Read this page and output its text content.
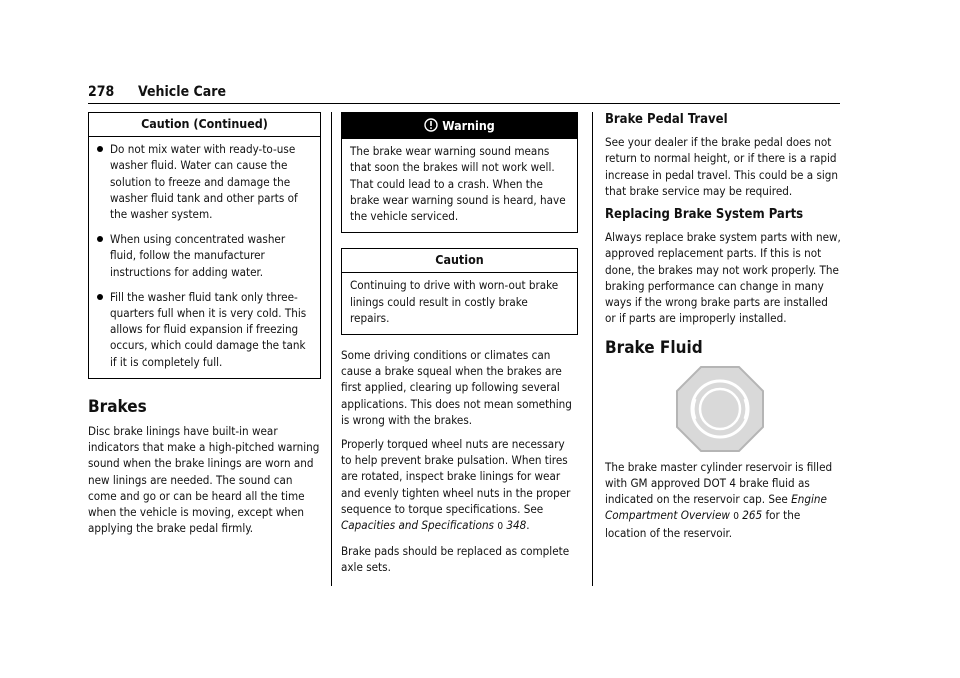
278 Vehicle Care
Caution (Continued)
Do not mix water with ready-to-use washer fluid. Water can cause the solution to freeze and damage the washer fluid tank and other parts of the washer system.
When using concentrated washer fluid, follow the manufacturer instructions for adding water.
Fill the washer fluid tank only three-quarters full when it is very cold. This allows for fluid expansion if freezing occurs, which could damage the tank if it is completely full.
Brakes

Disc brake linings have built-in wear indicators that make a high-pitched warning sound when the brake linings are worn and new linings are needed. The sound can come and go or can be heard all the time when the vehicle is moving, except when applying the brake pedal firmly.

Warning

The brake wear warning sound means that soon the brakes will not work well. That could lead to a crash. When the brake wear warning sound is heard, have the vehicle serviced.

Caution

Continuing to drive with worn-out brake linings could result in costly brake repairs.

Some driving conditions or climates can cause a brake squeal when the brakes are first applied, clearing up following several applications. This does not mean something is wrong with the brakes.

Properly torqued wheel nuts are necessary to help prevent brake pulsation. When tires are rotated, inspect brake linings for wear and evenly tighten wheel nuts in the proper sequence to torque specifications. See Capacities and Specifications 0 348.

Brake pads should be replaced as complete axle sets.

Brake Pedal Travel

See your dealer if the brake pedal does not return to normal height, or if there is a rapid increase in pedal travel. This could be a sign that brake service may be required.

Replacing Brake System Parts

Always replace brake system parts with new, approved replacement parts. If this is not done, the brakes may not work properly. The braking performance can change in many ways if the wrong brake parts are installed or if parts are improperly installed.

Brake Fluid

The brake master cylinder reservoir is filled with GM approved DOT 4 brake fluid as indicated on the reservoir cap. See Engine Compartment Overview 0 265 for the location of the reservoir.
